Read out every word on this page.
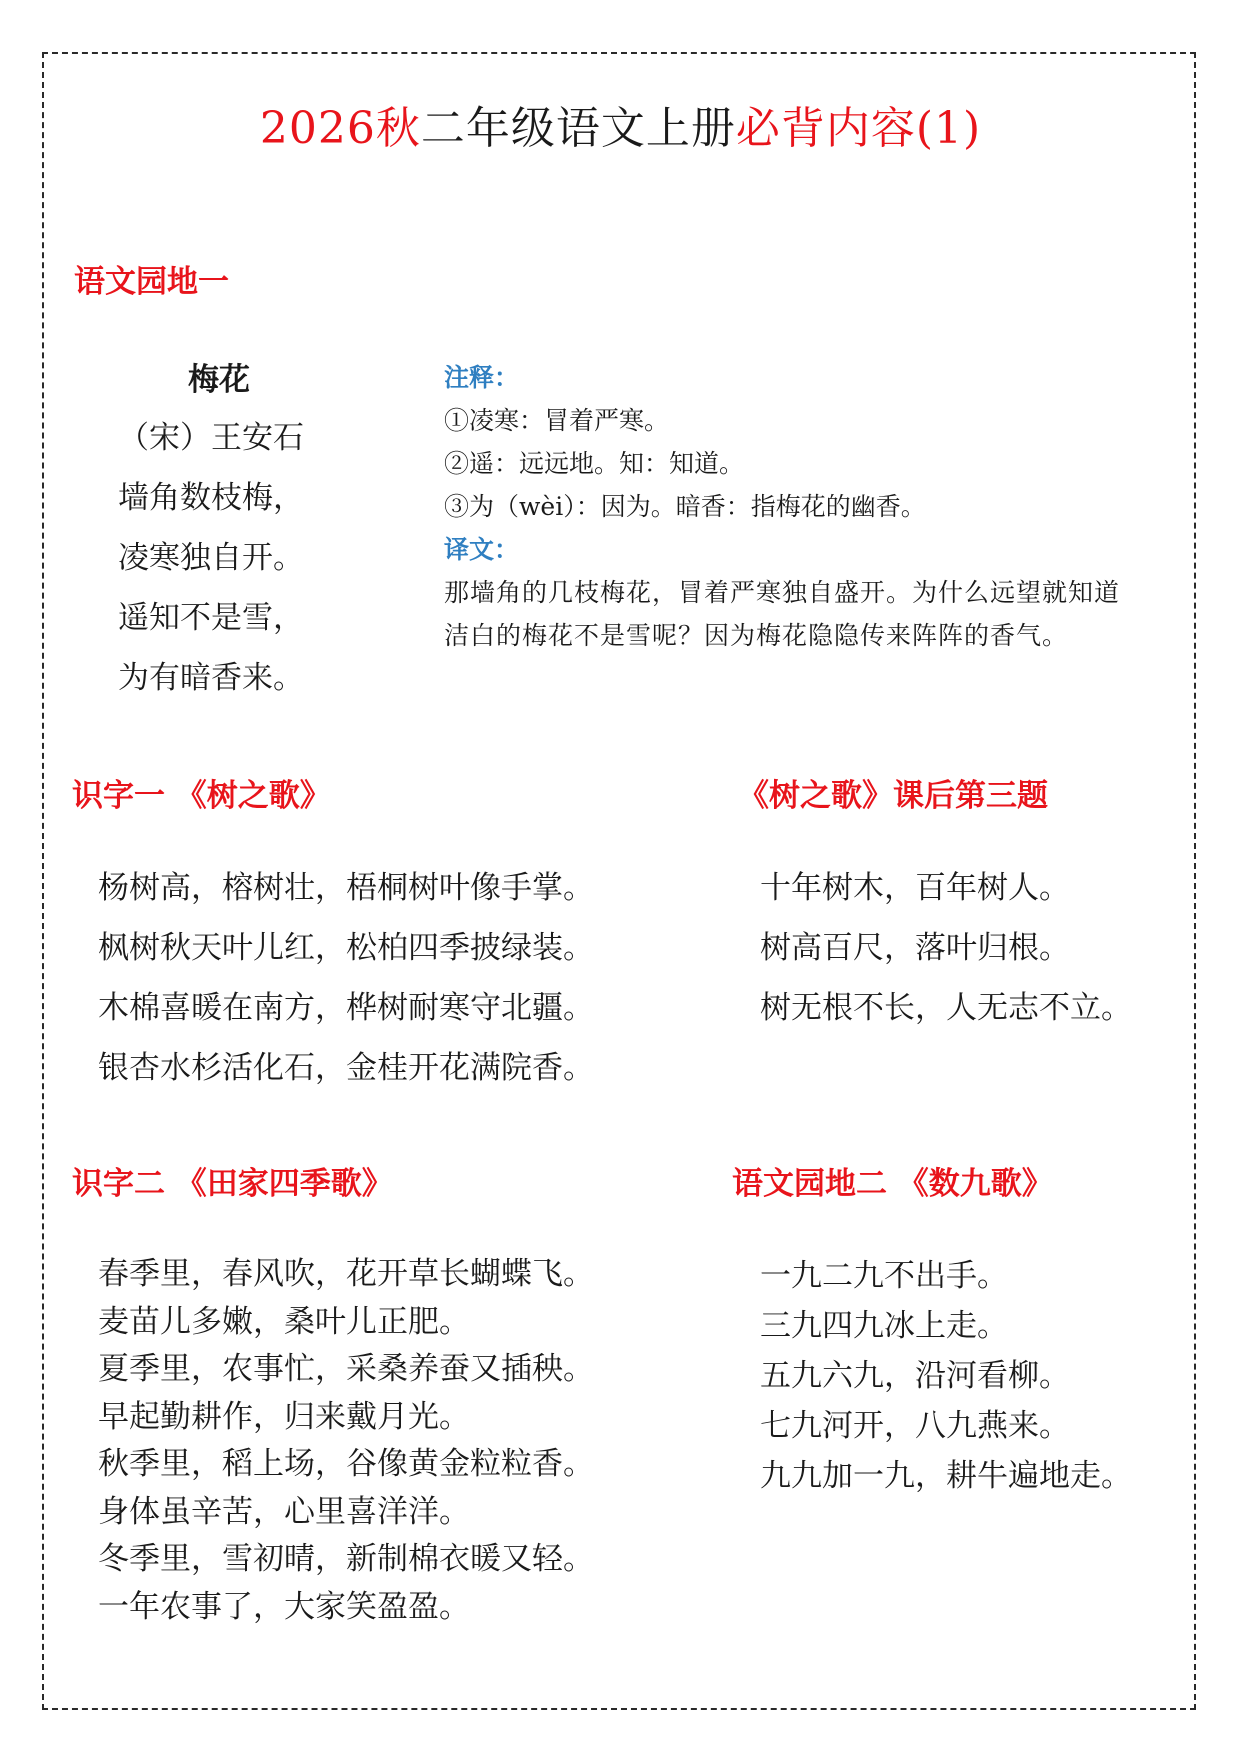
2026秋二年级语文上册必背内容(1)
语文园地一
梅花
（宋）王安石
墙角数枝梅，
凌寒独自开。
遥知不是雪，
为有暗香来。
注释：
①凌寒：冒着严寒。
②遥：远远地。知：知道。
③为（wèi）：因为。暗香：指梅花的幽香。
译文：
那墙角的几枝梅花，冒着严寒独自盛开。为什么远望就知道洁白的梅花不是雪呢？因为梅花隐隐传来阵阵的香气。
识字一 《树之歌》
杨树高，榕树壮，梧桐树叶像手掌。
枫树秋天叶儿红，松柏四季披绿装。
木棉喜暖在南方，桦树耐寒守北疆。
银杏水杉活化石，金桂开花满院香。
《树之歌》课后第三题
十年树木，百年树人。
树高百尺，落叶归根。
树无根不长，人无志不立。
识字二 《田家四季歌》
春季里，春风吹，花开草长蝴蝶飞。
麦苗儿多嫩，桑叶儿正肥。
夏季里，农事忙，采桑养蚕又插秧。
早起勤耕作，归来戴月光。
秋季里，稻上场，谷像黄金粒粒香。
身体虽辛苦，心里喜洋洋。
冬季里，雪初晴，新制棉衣暖又轻。
一年农事了，大家笑盈盈。
语文园地二 《数九歌》
一九二九不出手。
三九四九冰上走。
五九六九，沿河看柳。
七九河开，八九燕来。
九九加一九，耕牛遍地走。
